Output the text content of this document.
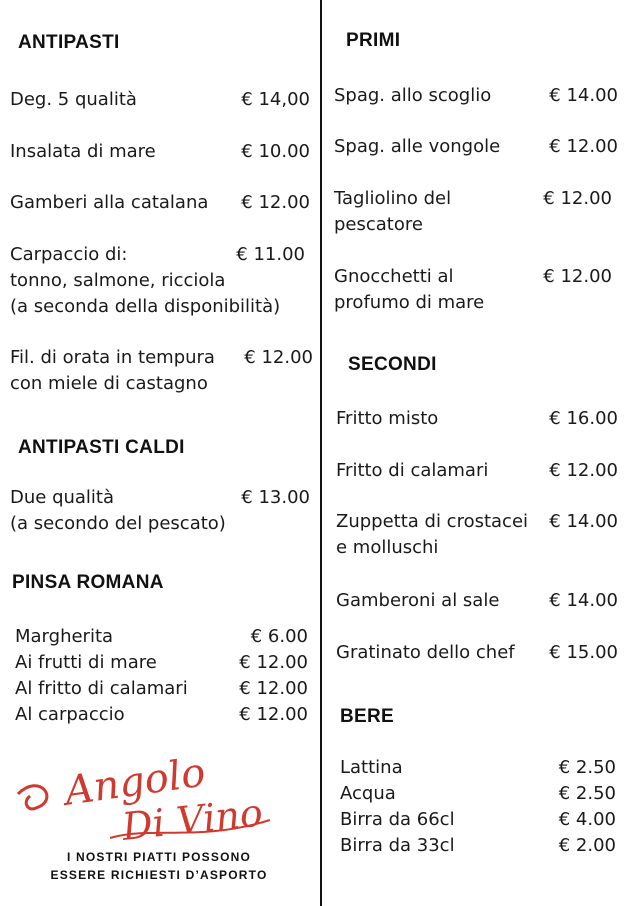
ANTIPASTI
Deg. 5 qualità	€ 14,00
Insalata di mare	€ 10.00
Gamberi alla catalana € 12.00
Carpaccio di:
tonno, salmone, ricciola
(a seconda della disponibilità)
€ 11.00
Fil. di orata in tempura
con miele di castagno
€ 12.00
ANTIPASTI CALDI
Due qualità
(a secondo del pescato)
€ 13.00
PINSA ROMANA
Margherita	€ 6.00
Ai frutti di mare	€ 12.00
Al fritto di calamari	€ 12.00
Al carpaccio	€ 12.00
Angolo
Di Vino
I NOSTRI PIATTI POSSONO
ESSERE RICHIESTI D’ASPORTO
PRIMI
Spag. allo scoglio	€ 14.00
Spag. alle vongole	€ 12.00
Tagliolino del
pescatore
€ 12.00
Gnocchetti al
profumo di mare
€ 12.00
SECONDI
Fritto misto	€ 16.00
Fritto di calamari	€ 12.00
Zuppetta di crostacei
e molluschi
€ 14.00
Gamberoni al sale	€ 14.00
Gratinato dello chef € 15.00
BERE
Lattina	€ 2.50
Acqua	€ 2.50
Birra da 66cl	€ 4.00
Birra da 33cl	€ 2.00
